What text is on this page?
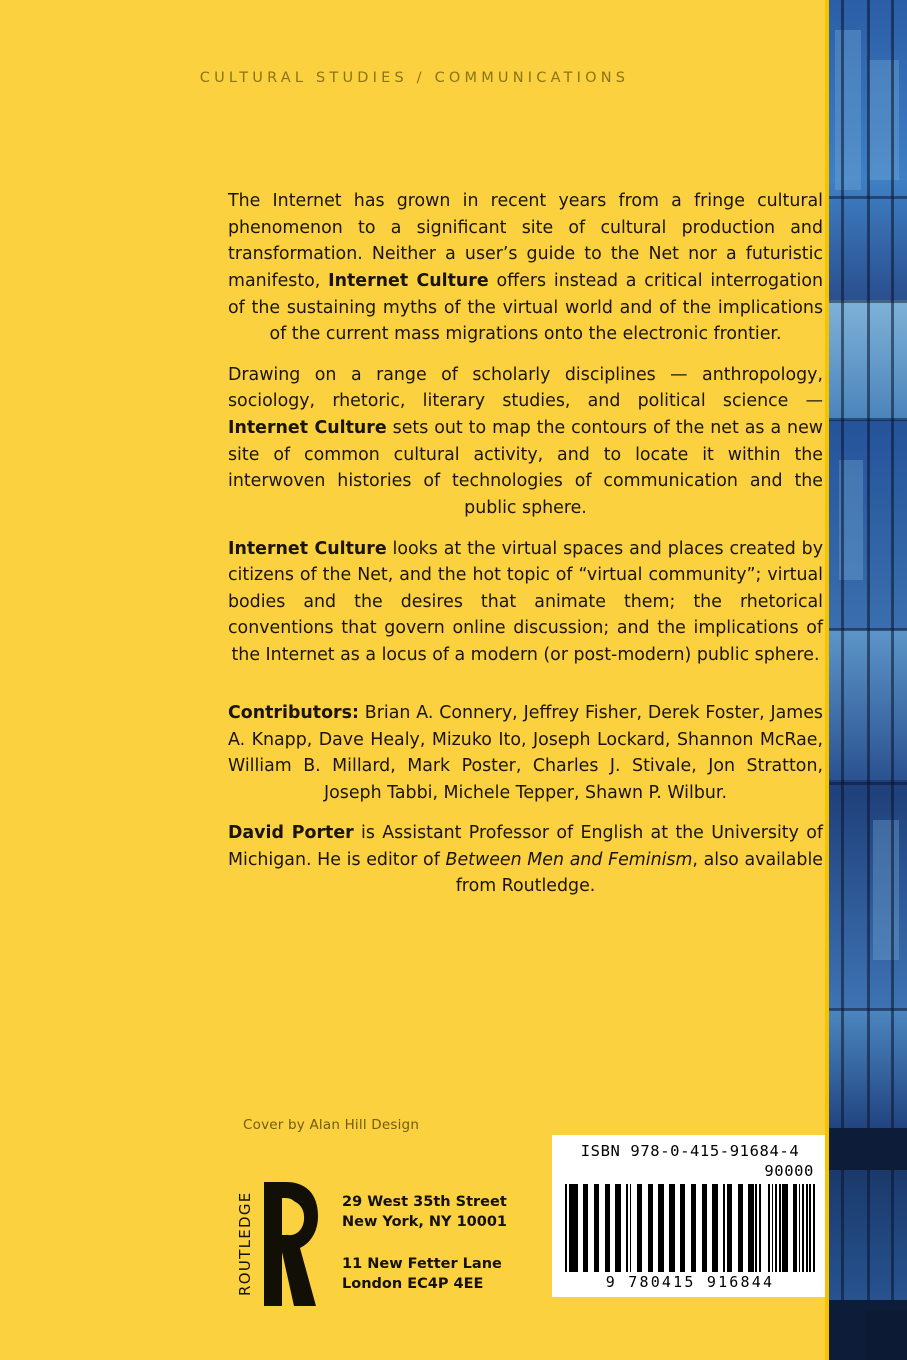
CULTURAL STUDIES / COMMUNICATIONS

The Internet has grown in recent years from a fringe cultural phenomenon to a significant site of cultural production and transformation. Neither a user’s guide to the Net nor a futuristic manifesto, Internet Culture offers instead a critical interrogation of the sustaining myths of the virtual world and of the implications of the current mass migrations onto the electronic frontier.

Drawing on a range of scholarly disciplines — anthropology, sociology, rhetoric, literary studies, and political science — Internet Culture sets out to map the contours of the net as a new site of common cultural activity, and to locate it within the interwoven histories of technologies of communication and the public sphere.

Internet Culture looks at the virtual spaces and places created by citizens of the Net, and the hot topic of “virtual community”; virtual bodies and the desires that animate them; the rhetorical conventions that govern online discussion; and the implications of the Internet as a locus of a modern (or post-modern) public sphere.

Contributors: Brian A. Connery, Jeffrey Fisher, Derek Foster, James A. Knapp, Dave Healy, Mizuko Ito, Joseph Lockard, Shannon McRae, William B. Millard, Mark Poster, Charles J. Stivale, Jon Stratton, Joseph Tabbi, Michele Tepper, Shawn P. Wilbur.
David Porter is Assistant Professor of English at the University of Michigan. He is editor of Between Men and Feminism, also available from Routledge.
Cover by Alan Hill Design
ROUTLEDGE	29 West 35th Street
New York, NY 10001
11 New Fetter Lane
London EC4P 4EE
ISBN 978-0-415-91684-4
90000
9 780415 916844
